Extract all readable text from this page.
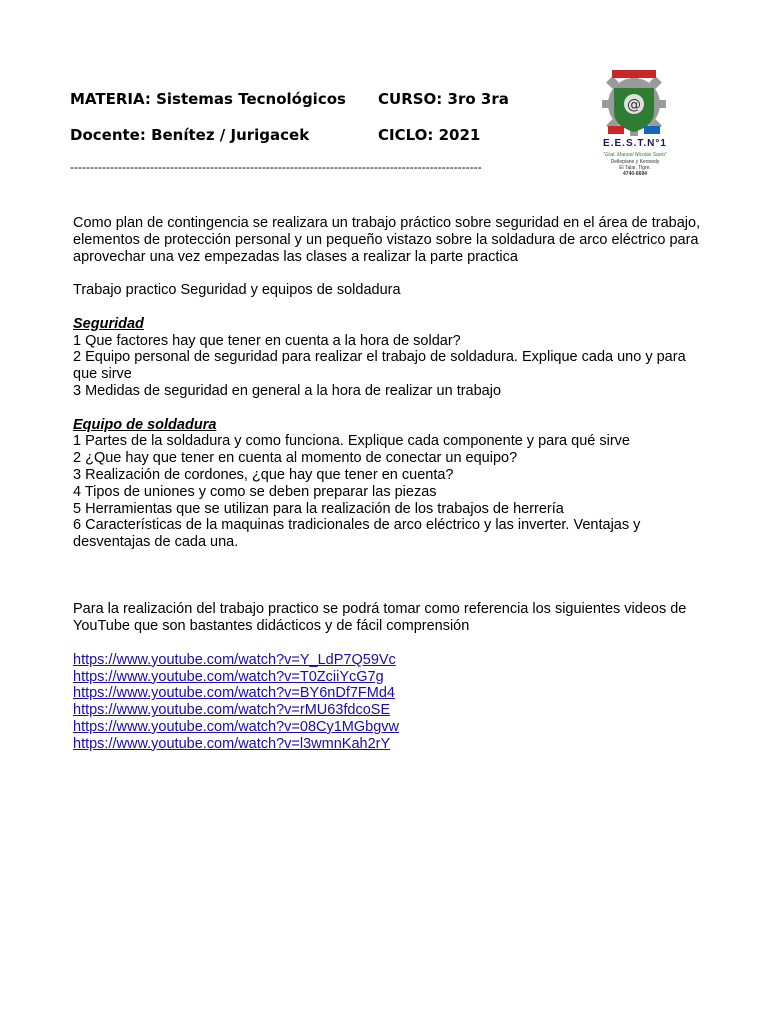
MATERIA: Sistemas Tecnológicos CURSO: 3ro 3ra
Docente: Benítez / Jurigacek	CICLO: 2021
-------------------------------------------------------------------------------------------------------
@
E.E.S.T.N°1
"Gral. Manuel Nicolás Savio"
Dellepiane y Kennedy
El Talar, Tigre.
4740-6694

Como plan de contingencia se realizara un trabajo práctico sobre seguridad en el área de trabajo, elementos de protección personal y un pequeño vistazo sobre la soldadura de arco eléctrico para aprovechar una vez empezadas las clases a realizar la parte practica

Trabajo practico Seguridad y equipos de soldadura

Seguridad
1 Que factores hay que tener en cuenta a la hora de soldar?
2 Equipo personal de seguridad para realizar el trabajo de soldadura. Explique cada uno y para que sirve
3 Medidas de seguridad en general a la hora de realizar un trabajo
Equipo de soldadura
1 Partes de la soldadura y como funciona. Explique cada componente y para qué sirve
2 ¿Que hay que tener en cuenta al momento de conectar un equipo?
3 Realización de cordones, ¿que hay que tener en cuenta?
4 Tipos de uniones y como se deben preparar las piezas
5 Herramientas que se utilizan para la realización de los trabajos de herrería
6 Características de la maquinas tradicionales de arco eléctrico y las inverter. Ventajas y desventajas de cada una.

Para la realización del trabajo practico se podrá tomar como referencia los siguientes videos de YouTube que son bastantes didácticos y de fácil comprensión

https://www.youtube.com/watch?v=Y_LdP7Q59Vc
https://www.youtube.com/watch?v=T0ZciiYcG7g
https://www.youtube.com/watch?v=BY6nDf7FMd4
https://www.youtube.com/watch?v=rMU63fdcoSE
https://www.youtube.com/watch?v=08Cy1MGbgvw
https://www.youtube.com/watch?v=l3wmnKah2rY
